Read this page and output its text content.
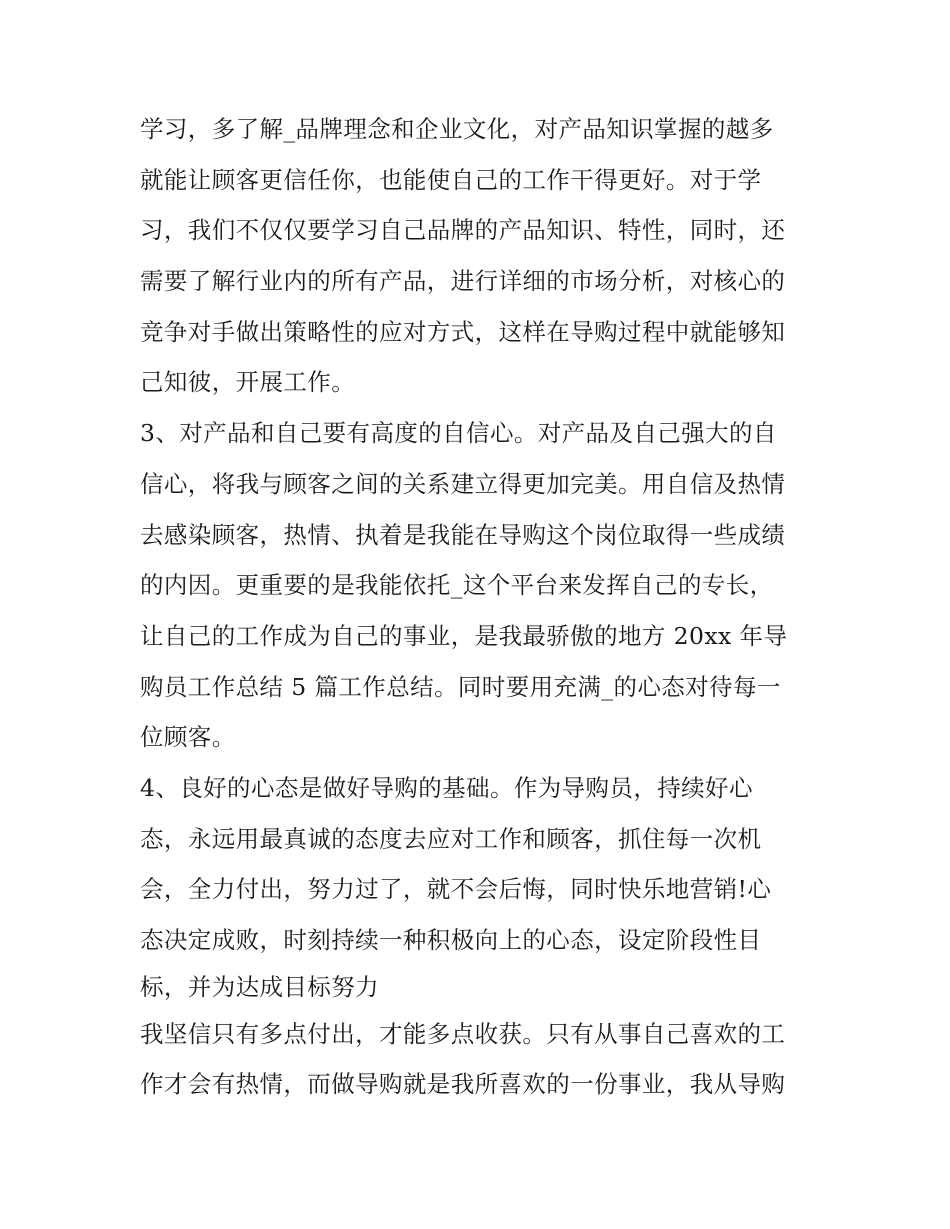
学习，多了解_品牌理念和企业文化，对产品知识掌握的越多
就能让顾客更信任你，也能使自己的工作干得更好。对于学
习，我们不仅仅要学习自己品牌的产品知识、特性，同时，还
需要了解行业内的所有产品，进行详细的市场分析，对核心的
竞争对手做出策略性的应对方式，这样在导购过程中就能够知
己知彼，开展工作。
3、对产品和自己要有高度的自信心。对产品及自己强大的自
信心，将我与顾客之间的关系建立得更加完美。用自信及热情
去感染顾客，热情、执着是我能在导购这个岗位取得一些成绩
的内因。更重要的是我能依托_这个平台来发挥自己的专长，
让自己的工作成为自己的事业，是我最骄傲的地方 20xx 年导
购员工作总结 5 篇工作总结。同时要用充满_的心态对待每一
位顾客。
4、良好的心态是做好导购的基础。作为导购员，持续好心
态，永远用最真诚的态度去应对工作和顾客，抓住每一次机
会，全力付出，努力过了，就不会后悔，同时快乐地营销!心
态决定成败，时刻持续一种积极向上的心态，设定阶段性目
标，并为达成目标努力
我坚信只有多点付出，才能多点收获。只有从事自己喜欢的工
作才会有热情，而做导购就是我所喜欢的一份事业，我从导购
